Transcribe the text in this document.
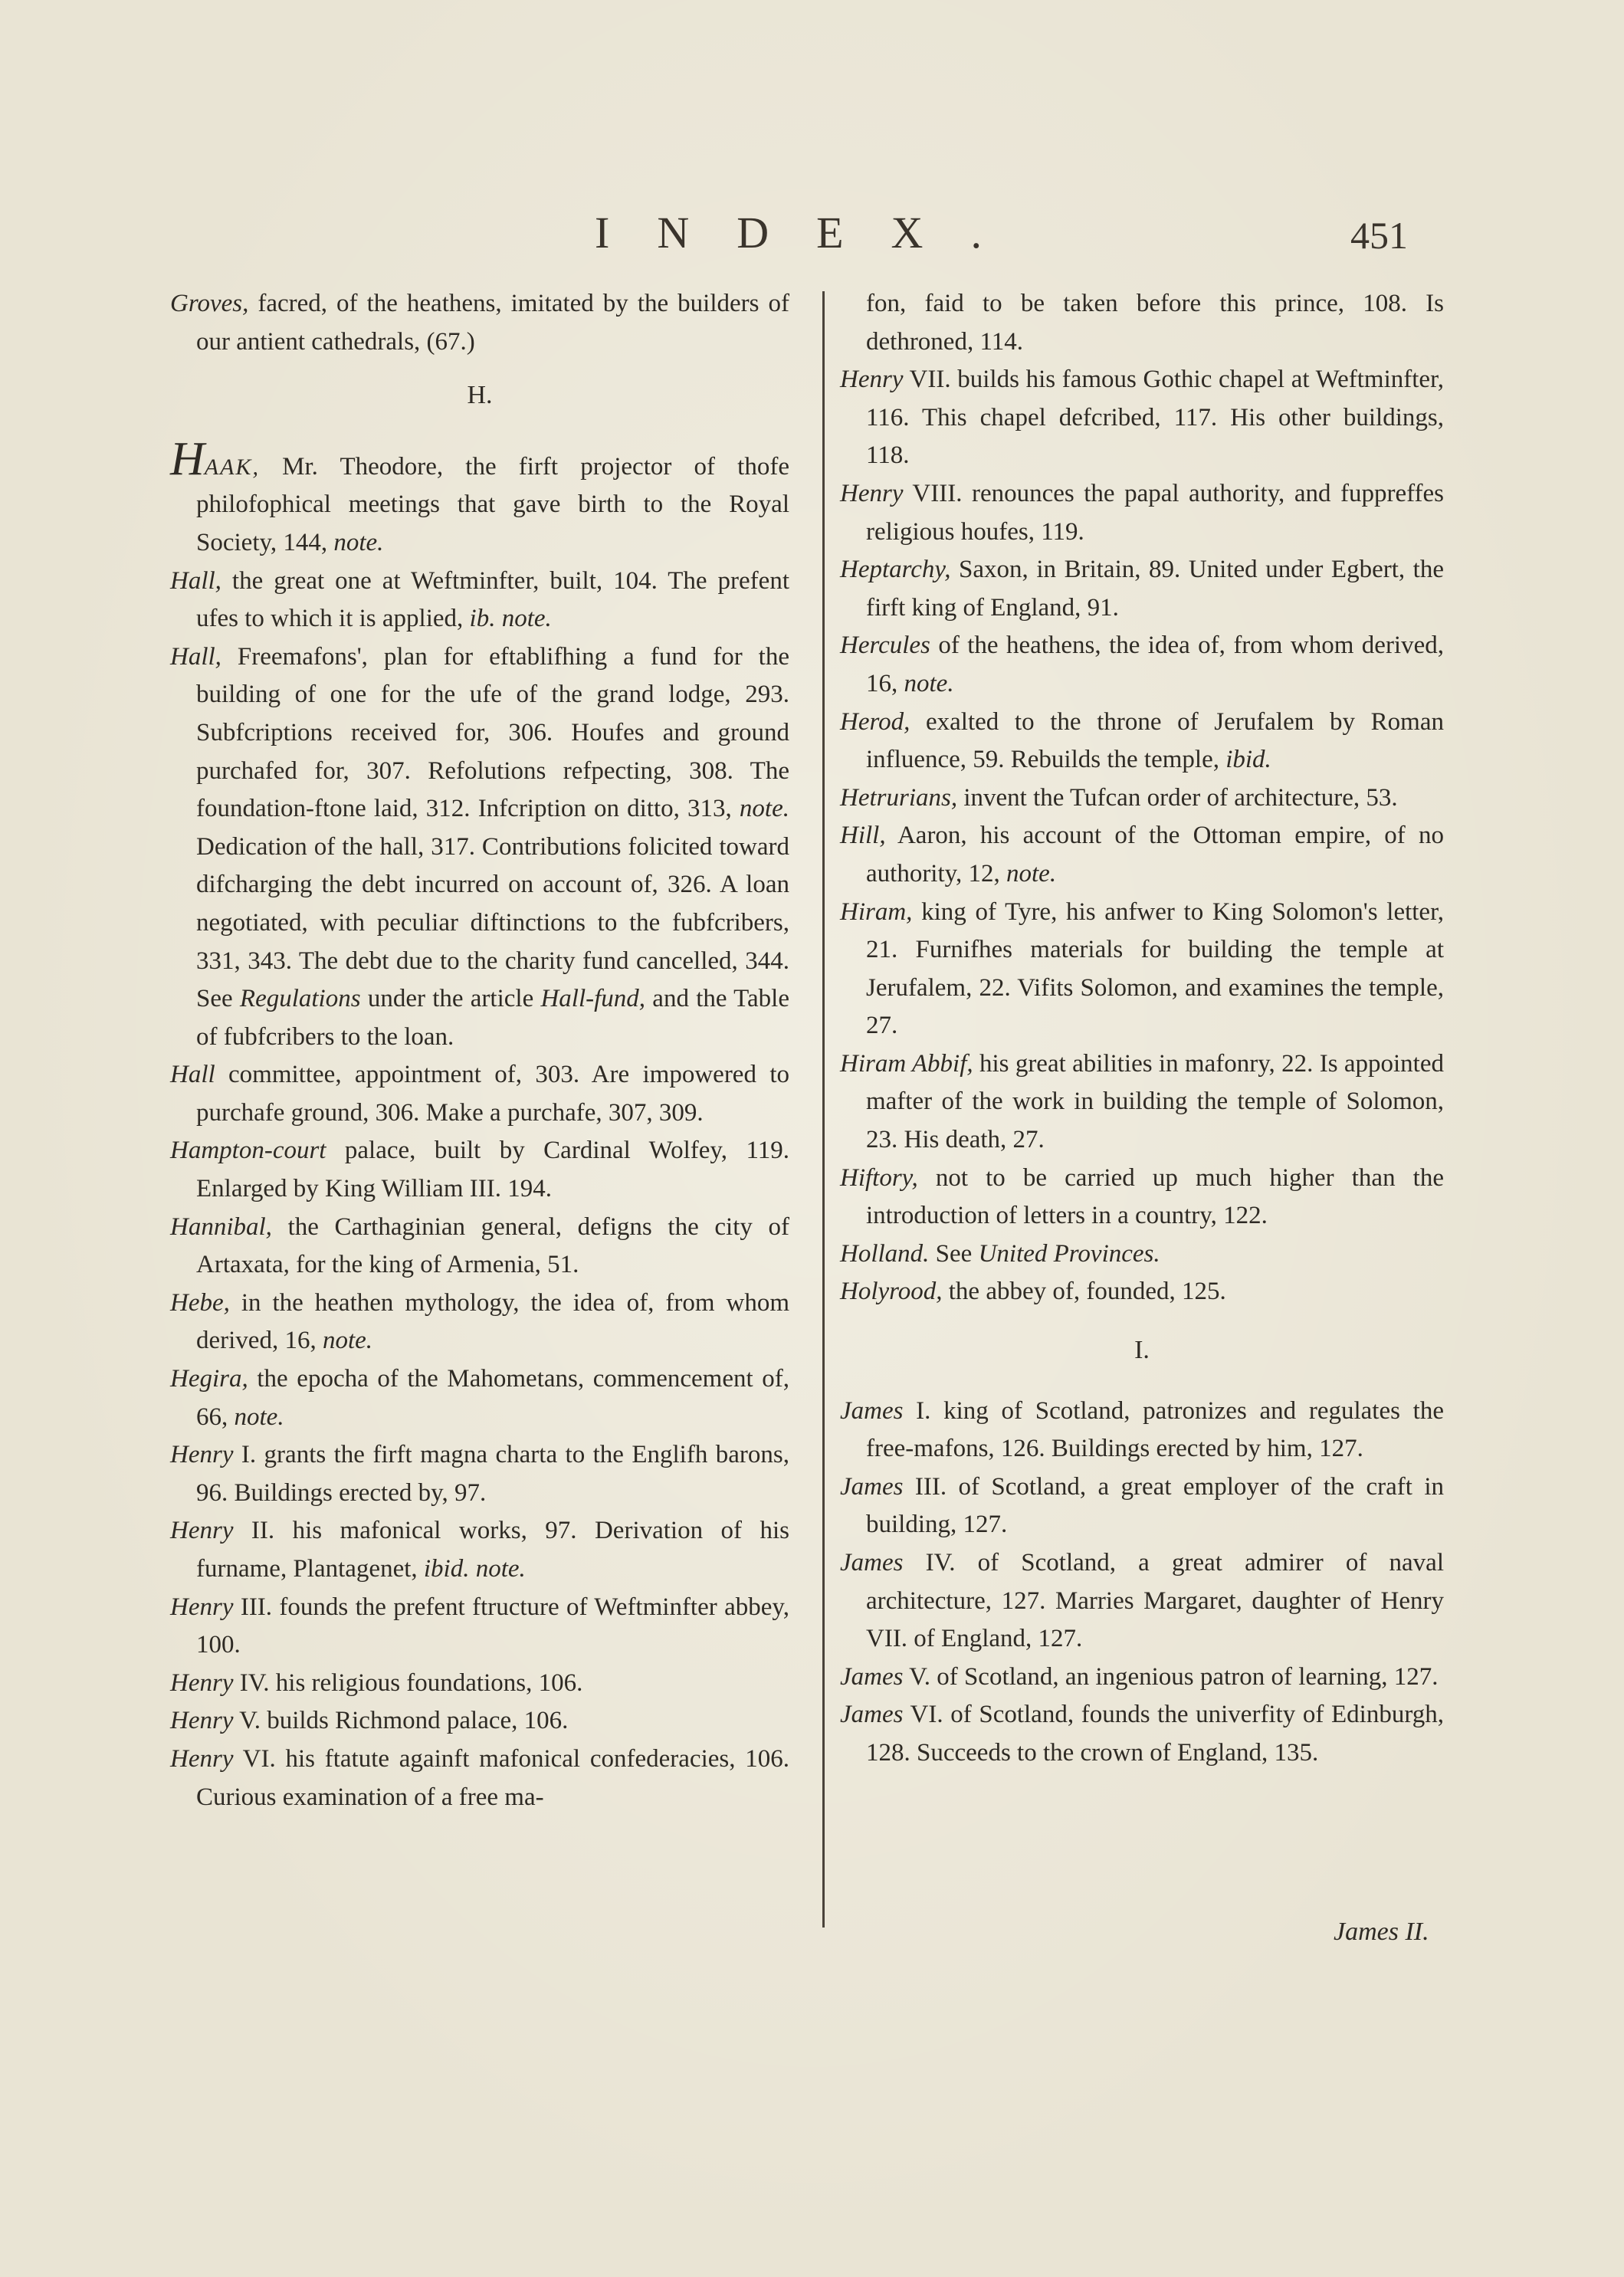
INDEX.	451

Groves, facred, of the heathens, imitated by the builders of our antient cathedrals, (67.)

H.

HAAK, Mr. Theodore, the firft projector of thofe philofophical meetings that gave birth to the Royal Society, 144, note.

Hall, the great one at Weftminfter, built, 104. The prefent ufes to which it is applied, ib. note.

Hall, Freemafons', plan for eftablifhing a fund for the building of one for the ufe of the grand lodge, 293. Subfcriptions received for, 306. Houfes and ground purchafed for, 307. Refolutions refpecting, 308. The foundation-ftone laid, 312. Infcription on ditto, 313, note. Dedication of the hall, 317. Contributions folicited toward difcharging the debt incurred on account of, 326. A loan negotiated, with peculiar diftinctions to the fubfcribers, 331, 343. The debt due to the charity fund cancelled, 344. See Regulations under the article Hall-fund, and the Table of fubfcribers to the loan.

Hall committee, appointment of, 303. Are impowered to purchafe ground, 306. Make a purchafe, 307, 309.

Hampton-court palace, built by Cardinal Wolfey, 119. Enlarged by King William III. 194.

Hannibal, the Carthaginian general, defigns the city of Artaxata, for the king of Armenia, 51.

Hebe, in the heathen mythology, the idea of, from whom derived, 16, note.

Hegira, the epocha of the Mahometans, commencement of, 66, note.

Henry I. grants the firft magna charta to the Englifh barons, 96. Buildings erected by, 97.

Henry II. his mafonical works, 97. Derivation of his furname, Plantagenet, ibid. note.

Henry III. founds the prefent ftructure of Weftminfter abbey, 100.

Henry IV. his religious foundations, 106.

Henry V. builds Richmond palace, 106.

Henry VI. his ftatute againft mafonical confederacies, 106. Curious examination of a free ma-

fon, faid to be taken before this prince, 108. Is dethroned, 114.

Henry VII. builds his famous Gothic chapel at Weftminfter, 116. This chapel defcribed, 117. His other buildings, 118.

Henry VIII. renounces the papal authority, and fuppreffes religious houfes, 119.

Heptarchy, Saxon, in Britain, 89. United under Egbert, the firft king of England, 91.

Hercules of the heathens, the idea of, from whom derived, 16, note.

Herod, exalted to the throne of Jerufalem by Roman influence, 59. Rebuilds the temple, ibid.

Hetrurians, invent the Tufcan order of architecture, 53.

Hill, Aaron, his account of the Ottoman empire, of no authority, 12, note.

Hiram, king of Tyre, his anfwer to King Solomon's letter, 21. Furnifhes materials for building the temple at Jerufalem, 22. Vifits Solomon, and examines the temple, 27.

Hiram Abbif, his great abilities in mafonry, 22. Is appointed mafter of the work in building the temple of Solomon, 23. His death, 27.

Hiftory, not to be carried up much higher than the introduction of letters in a country, 122.

Holland. See United Provinces.

Holyrood, the abbey of, founded, 125.

I.

James I. king of Scotland, patronizes and regulates the free-mafons, 126. Buildings erected by him, 127.

James III. of Scotland, a great employer of the craft in building, 127.

James IV. of Scotland, a great admirer of naval architecture, 127. Marries Margaret, daughter of Henry VII. of England, 127.

James V. of Scotland, an ingenious patron of learning, 127.

James VI. of Scotland, founds the univerfity of Edinburgh, 128. Succeeds to the crown of England, 135.

James II.
